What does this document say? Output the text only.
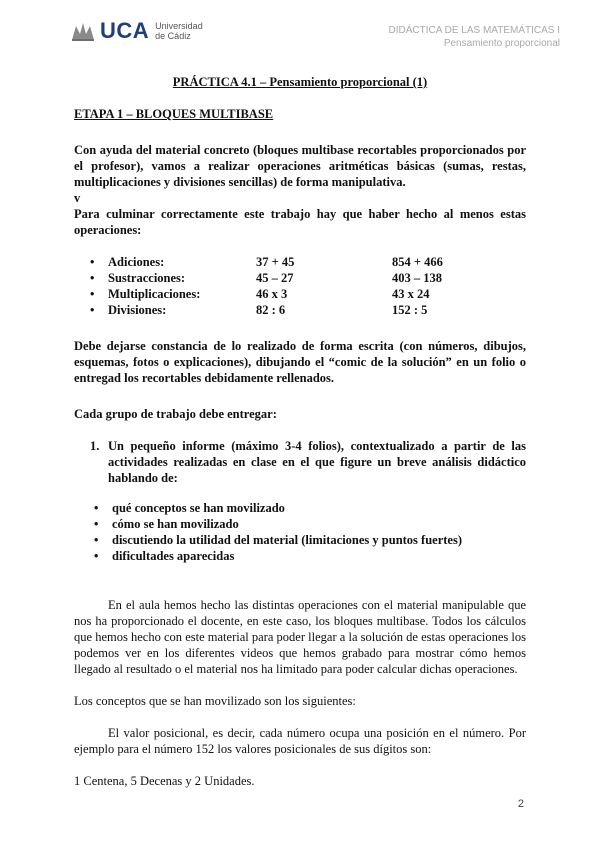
UCA Universidad
de Cádiz	DIDÁCTICA DE LAS MATEMÁTICAS I
Pensamiento proporcional

PRÁCTICA 4.1 – Pensamiento proporcional (1)

ETAPA 1 – BLOQUES MULTIBASE

Con ayuda del material concreto (bloques multibase recortables proporcionados por el profesor), vamos a realizar operaciones aritméticas básicas (sumas, restas, multiplicaciones y divisiones sencillas) de forma manipulativa.

v

Para culminar correctamente este trabajo hay que haber hecho al menos estas operaciones:

• Adiciones:	37 + 45	854 + 466
• Sustracciones:	45 – 27	403 – 138
• Multiplicaciones:	46 x 3	43 x 24
• Divisiones:	82 : 6	152 : 5

Debe dejarse constancia de lo realizado de forma escrita (con números, dibujos, esquemas, fotos o explicaciones), dibujando el “comic de la solución” en un folio o entregad los recortables debidamente rellenados.

Cada grupo de trabajo debe entregar:

1. Un pequeño informe (máximo 3-4 folios), contextualizado a partir de las actividades realizadas en clase en el que figure un breve análisis didáctico hablando de:
• qué conceptos se han movilizado
• cómo se han movilizado
• discutiendo la utilidad del material (limitaciones y puntos fuertes)
• dificultades aparecidas

En el aula hemos hecho las distintas operaciones con el material manipulable que nos ha proporcionado el docente, en este caso, los bloques multibase. Todos los cálculos que hemos hecho con este material para poder llegar a la solución de estas operaciones los podemos ver en los diferentes videos que hemos grabado para mostrar cómo hemos llegado al resultado o el material nos ha limitado para poder calcular dichas operaciones.

Los conceptos que se han movilizado son los siguientes:

El valor posicional, es decir, cada número ocupa una posición en el número. Por ejemplo para el número 152 los valores posicionales de sus dígitos son:

1 Centena, 5 Decenas y 2 Unidades.

2
